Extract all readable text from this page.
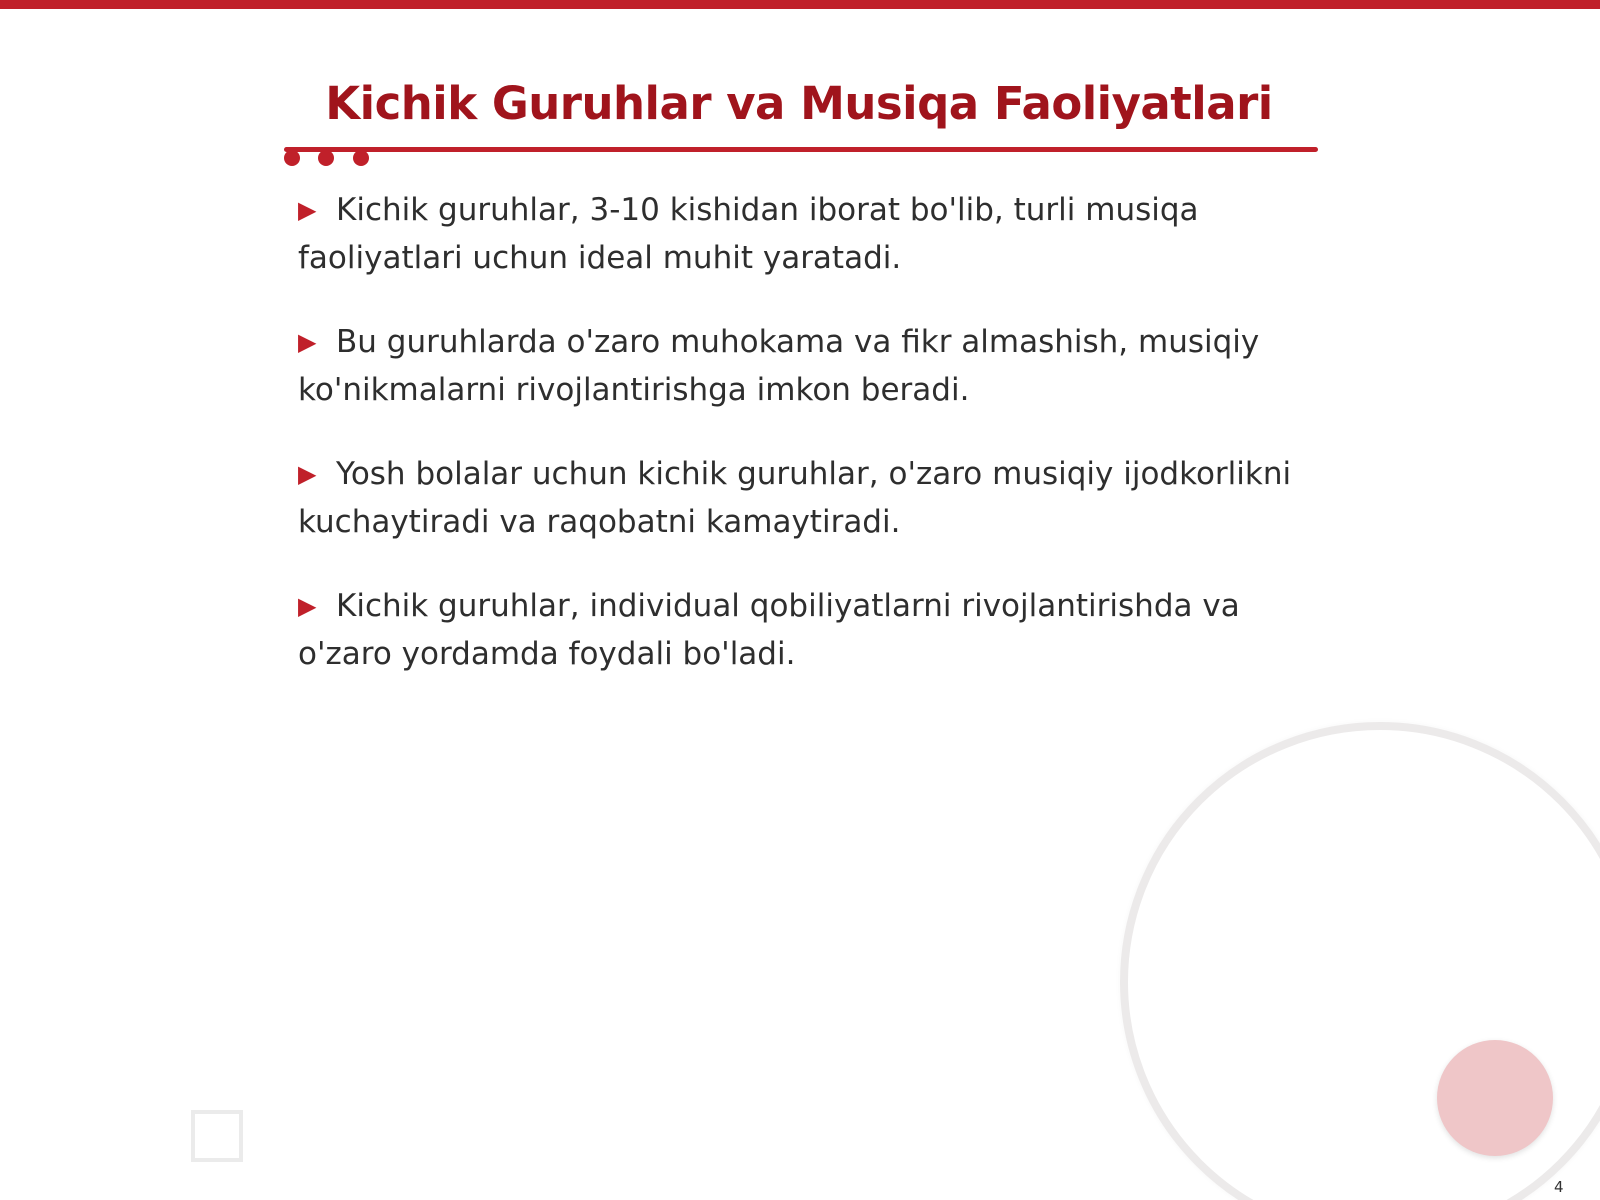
Kichik Guruhlar va Musiqa Faoliyatlari
▶ Kichik guruhlar, 3-10 kishidan iborat bo'lib, turli musiqa faoliyatlari uchun ideal muhit yaratadi.
▶ Bu guruhlarda o'zaro muhokama va fikr almashish, musiqiy ko'nikmalarni rivojlantirishga imkon beradi.
▶ Yosh bolalar uchun kichik guruhlar, o'zaro musiqiy ijodkorlikni kuchaytiradi va raqobatni kamaytiradi.
▶ Kichik guruhlar, individual qobiliyatlarni rivojlantirishda va o'zaro yordamda foydali bo'ladi.
4
